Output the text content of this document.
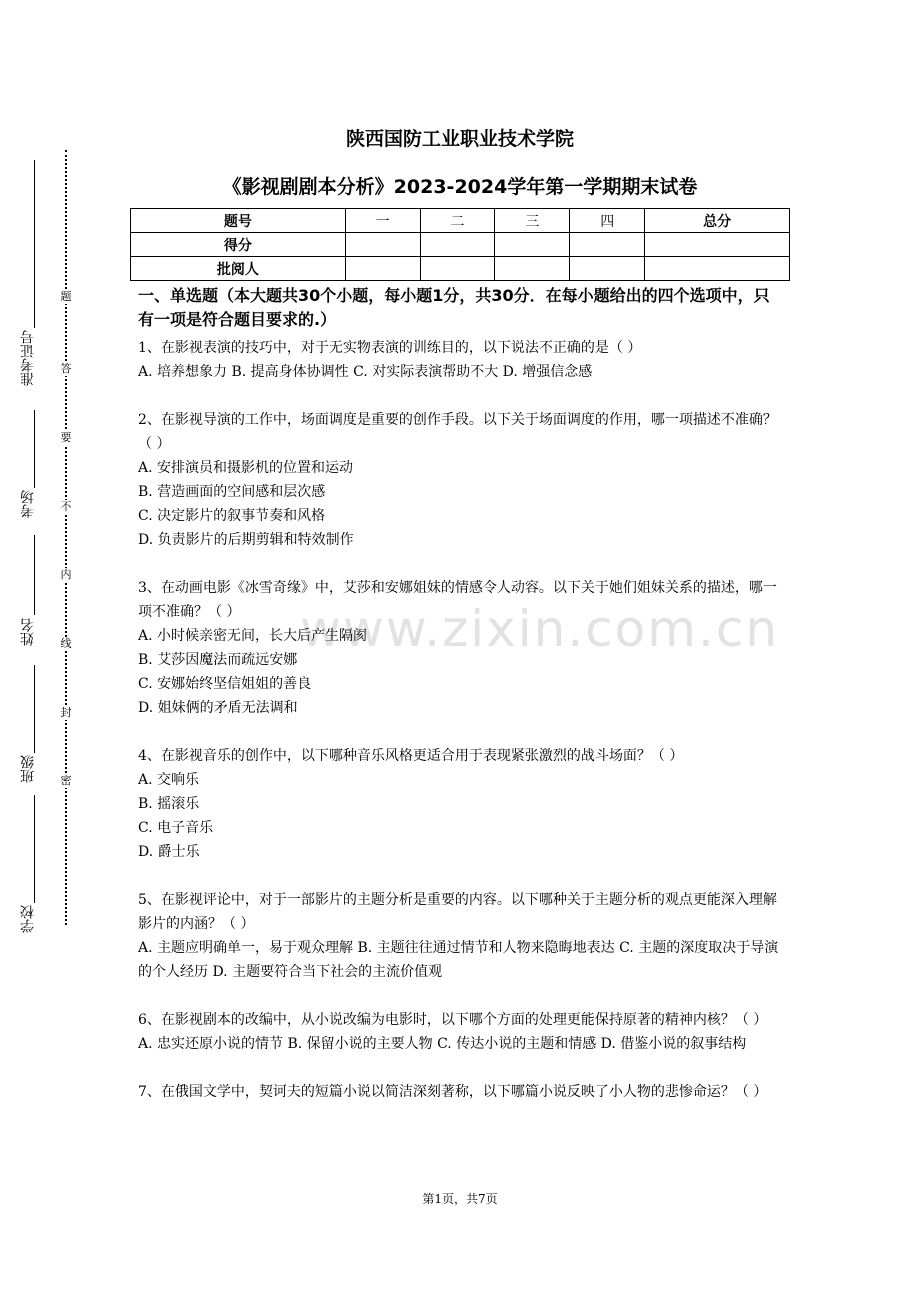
准考证号
考场
姓名
班级
学校
题
答
要
不
内
线
封
密
陕西国防工业职业技术学院
《影视剧剧本分析》2023-2024学年第一学期期末试卷
题号	一	二	三	四	总分
得分					
批阅人					
www.zixin.com.cn
一、单选题（本大题共30个小题，每小题1分，共30分．在每小题给出的四个选项中，只有一项是符合题目要求的.）

1、在影视表演的技巧中，对于无实物表演的训练目的，以下说法不正确的是（ ）

A. 培养想象力 B. 提高身体协调性 C. 对实际表演帮助不大 D. 增强信念感

2、在影视导演的工作中，场面调度是重要的创作手段。以下关于场面调度的作用，哪一项描述不准确？（ ）

A. 安排演员和摄影机的位置和运动

B. 营造画面的空间感和层次感

C. 决定影片的叙事节奏和风格

D. 负责影片的后期剪辑和特效制作

3、在动画电影《冰雪奇缘》中，艾莎和安娜姐妹的情感令人动容。以下关于她们姐妹关系的描述，哪一项不准确？（ ）

A. 小时候亲密无间，长大后产生隔阂

B. 艾莎因魔法而疏远安娜

C. 安娜始终坚信姐姐的善良

D. 姐妹俩的矛盾无法调和

4、在影视音乐的创作中，以下哪种音乐风格更适合用于表现紧张激烈的战斗场面？（ ）

A. 交响乐

B. 摇滚乐

C. 电子音乐

D. 爵士乐

5、在影视评论中，对于一部影片的主题分析是重要的内容。以下哪种关于主题分析的观点更能深入理解影片的内涵？（ ）

A. 主题应明确单一，易于观众理解 B. 主题往往通过情节和人物来隐晦地表达 C. 主题的深度取决于导演的个人经历 D. 主题要符合当下社会的主流价值观

6、在影视剧本的改编中，从小说改编为电影时，以下哪个方面的处理更能保持原著的精神内核？（ ）

A. 忠实还原小说的情节 B. 保留小说的主要人物 C. 传达小说的主题和情感 D. 借鉴小说的叙事结构

7、在俄国文学中，契诃夫的短篇小说以简洁深刻著称，以下哪篇小说反映了小人物的悲惨命运？（ ）

第1页，共7页
